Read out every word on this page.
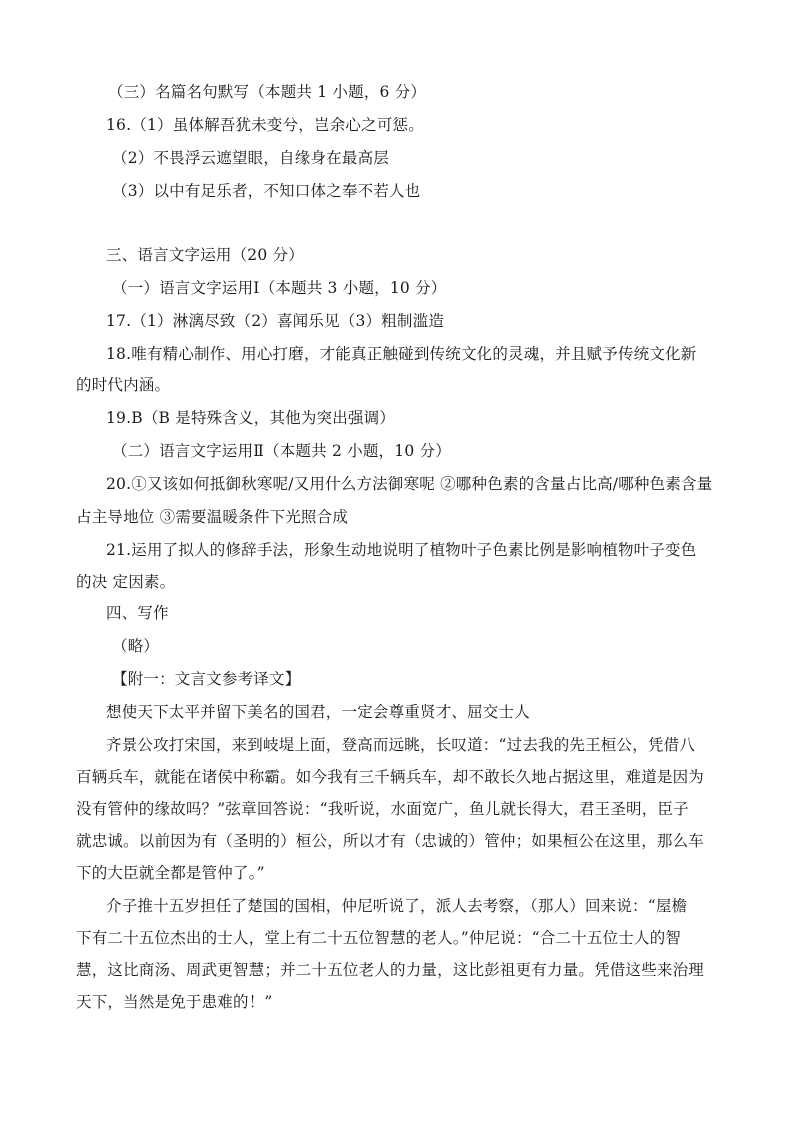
（三）名篇名句默写（本题共 1 小题，6 分）
16.（1）虽体解吾犹未变兮，岂余心之可惩。
（2）不畏浮云遮望眼，自缘身在最高层
（3）以中有足乐者，不知口体之奉不若人也
三、语言文字运用（20 分）
（一）语言文字运用Ⅰ（本题共 3 小题，10 分）
17.（1）淋漓尽致（2）喜闻乐见（3）粗制滥造
18.唯有精心制作、用心打磨，才能真正触碰到传统文化的灵魂，并且赋予传统文化新
的时代内涵。
19.B（B 是特殊含义，其他为突出强调）
（二）语言文字运用Ⅱ（本题共 2 小题，10 分）
20.①又该如何抵御秋寒呢/又用什么方法御寒呢 ②哪种色素的含量占比高/哪种色素含量
占主导地位 ③需要温暖条件下光照合成
21.运用了拟人的修辞手法，形象生动地说明了植物叶子色素比例是影响植物叶子变色
的决 定因素。
四、写作
（略）
【附一：文言文参考译文】
想使天下太平并留下美名的国君，一定会尊重贤才、屈交士人
齐景公攻打宋国，来到岐堤上面，登高而远眺，长叹道：“过去我的先王桓公，凭借八
百辆兵车，就能在诸侯中称霸。如今我有三千辆兵车，却不敢长久地占据这里，难道是因为
没有管仲的缘故吗？”弦章回答说：“我听说，水面宽广，鱼儿就长得大，君王圣明，臣子
就忠诚。以前因为有（圣明的）桓公，所以才有（忠诚的）管仲；如果桓公在这里，那么车
下的大臣就全都是管仲了。”
介子推十五岁担任了楚国的国相，仲尼听说了，派人去考察，（那人）回来说：“屋檐
下有二十五位杰出的士人，堂上有二十五位智慧的老人。”仲尼说：“合二十五位士人的智
慧，这比商汤、周武更智慧；并二十五位老人的力量，这比彭祖更有力量。凭借这些来治理
天下，当然是免于患难的！”
